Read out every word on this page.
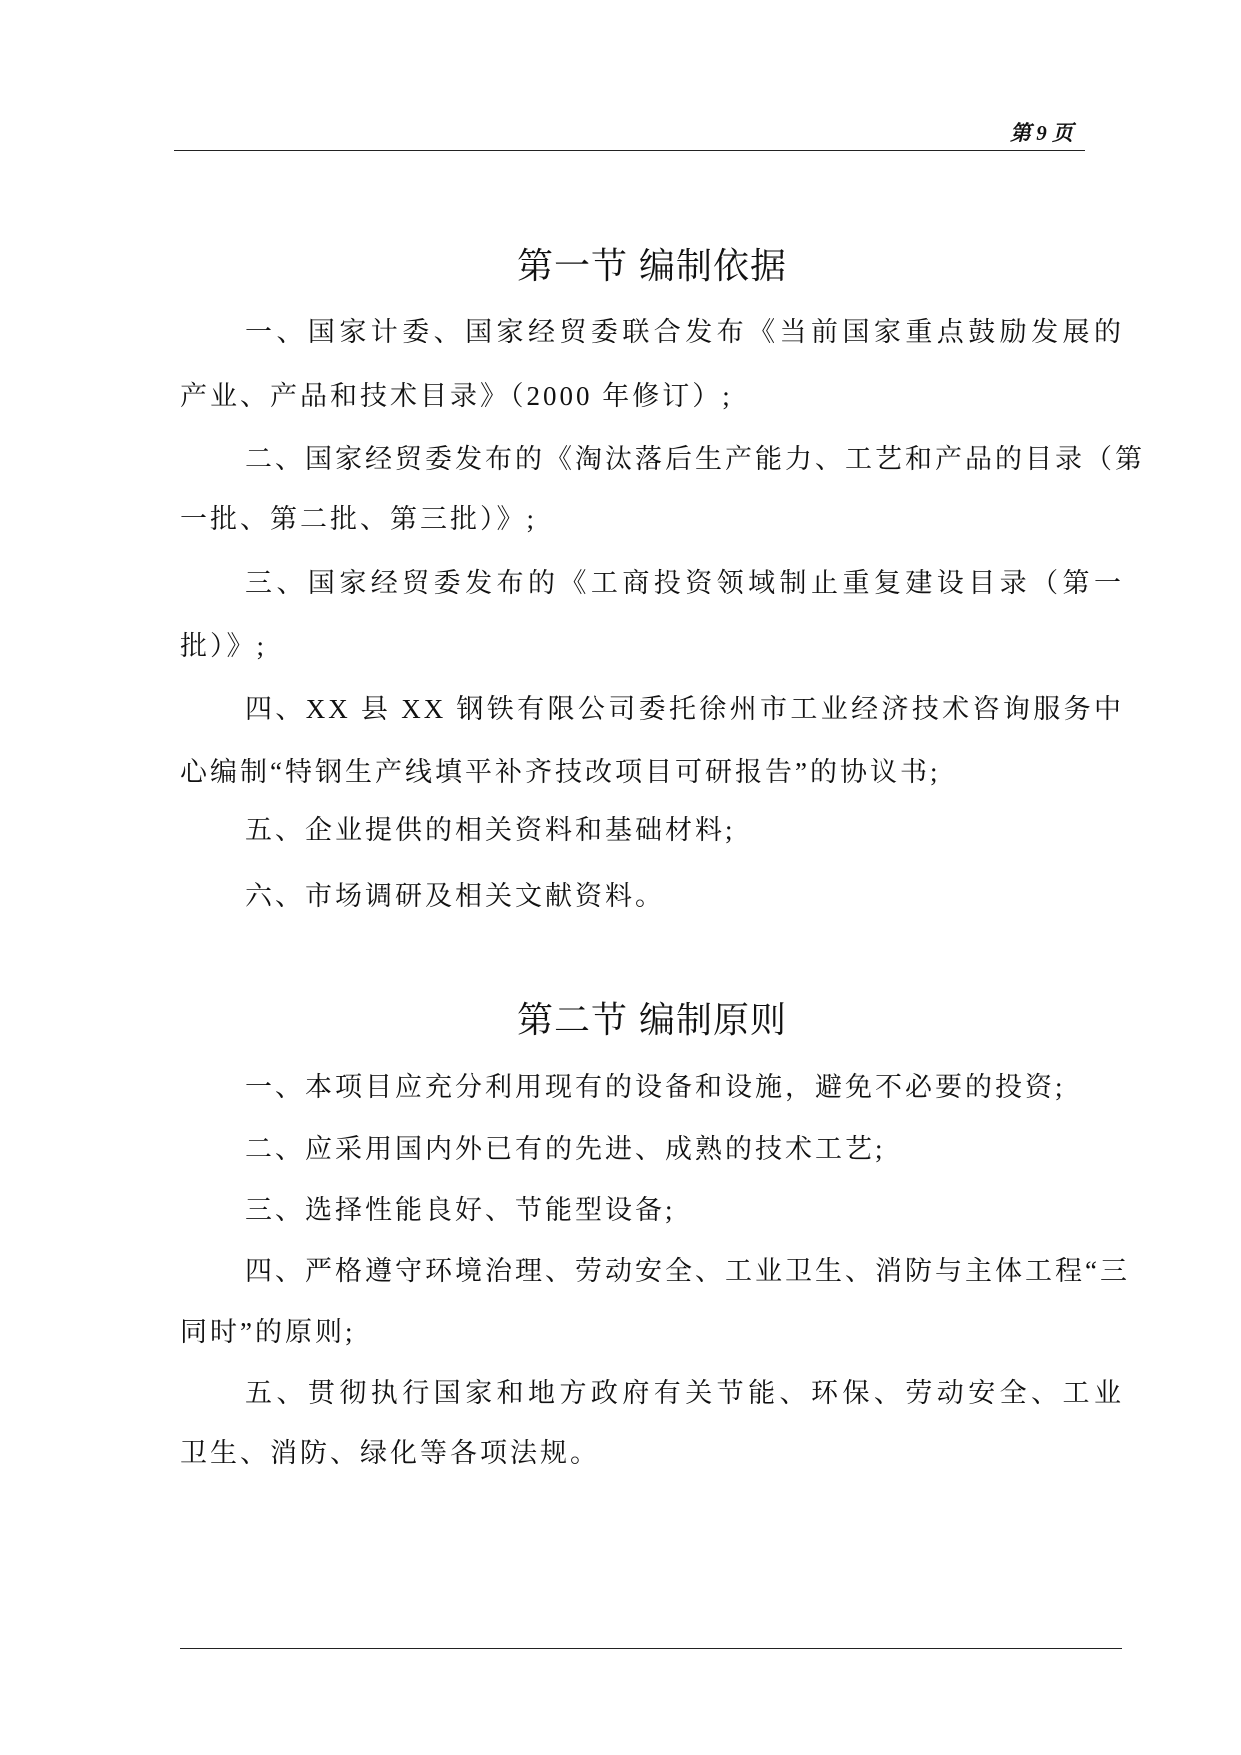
第 9 页
第一节 编制依据
一、国家计委、国家经贸委联合发布《当前国家重点鼓励发展的
产业、产品和技术目录》（2000 年修订）;
二、国家经贸委发布的《淘汰落后生产能力、工艺和产品的目录（第
一批、第二批、第三批）》;
三、国家经贸委发布的《工商投资领域制止重复建设目录（第一
批）》;
四、XX 县 XX 钢铁有限公司委托徐州市工业经济技术咨询服务中
心编制“特钢生产线填平补齐技改项目可研报告”的协议书;
五、企业提供的相关资料和基础材料;
六、市场调研及相关文献资料。
第二节 编制原则
一、本项目应充分利用现有的设备和设施，避免不必要的投资;
二、应采用国内外已有的先进、成熟的技术工艺;
三、选择性能良好、节能型设备;
四、严格遵守环境治理、劳动安全、工业卫生、消防与主体工程“三
同时”的原则;
五、贯彻执行国家和地方政府有关节能、环保、劳动安全、工业
卫生、消防、绿化等各项法规。
